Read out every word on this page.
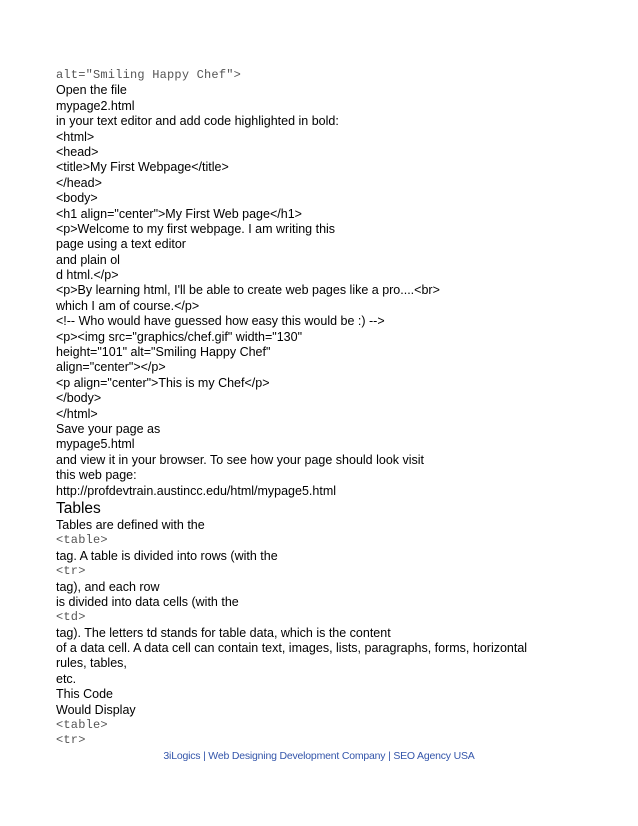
alt="Smiling Happy Chef">
Open the file
mypage2.html
in your text editor and add code highlighted in bold:
<html>
<head>
<title>My First Webpage</title>
</head>
<body>
<h1 align="center">My First Web page</h1>
<p>Welcome to my first webpage. I am writing this
page using a text editor
and plain ol
d html.</p>
<p>By learning html, I'll be able to create web pages like a pro....<br>
which I am of course.</p>
<!-- Who would have guessed how easy this would be :) -->
<p><img src="graphics/chef.gif" width="130"
height="101" alt="Smiling Happy Chef"
align="center"></p>
<p align="center">This is my Chef</p>
</body>
</html>
Save your page as
mypage5.html
and view it in your browser. To see how your page should look visit
this web page:
http://profdevtrain.austincc.edu/html/mypage5.html
Tables
Tables are defined with the
<table>
tag. A table is divided into rows (with the
<tr>
tag), and each row
is divided into data cells (with the
<td>
tag). The letters td stands for table data, which is the content
of a data cell. A data cell can contain text, images, lists, paragraphs, forms, horizontal
rules, tables,
etc.
This Code
Would Display
<table>
<tr>
3iLogics | Web Designing Development Company | SEO Agency USA
